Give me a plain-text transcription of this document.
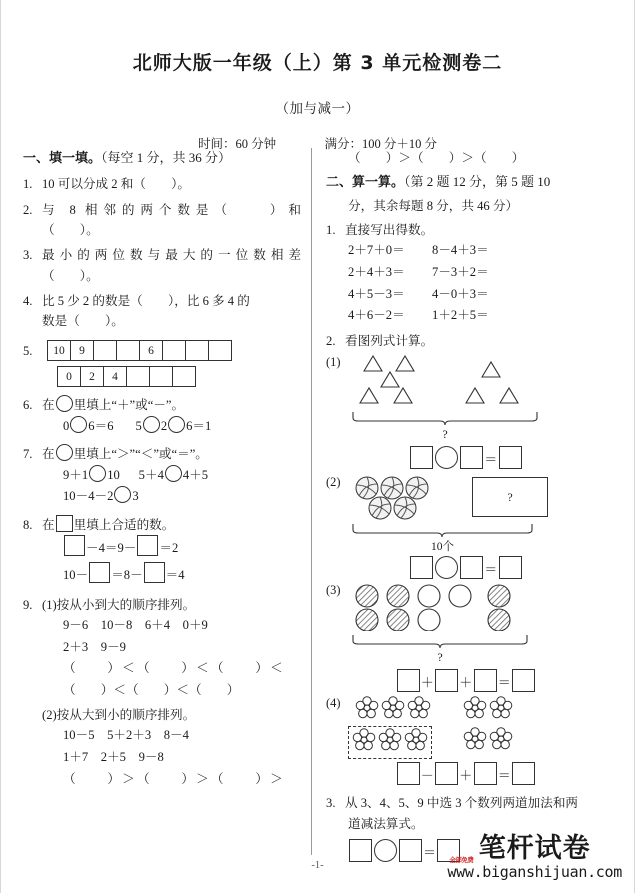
北师大版一年级（上）第 3 单元检测卷二
（加与减一）
时间：60 分钟	满分：100 分＋10 分
一、填一填。（每空 1 分，共 36 分）
1. 10 可以分成 2 和（　　）。
2. 与 8 相邻的两个数是（　　）和
（　　）。
3. 最小的两位数与最大的一位数相差
（　　）。
4. 比 5 少 2 的数是（　　），比 6 多 4 的
数是（　　）。
5.	10	9			6			
0	2	4			
6. 在 里填上“＋”或“－”。
0 6＝6 5 2 6＝1
7. 在 里填上“＞”“＜”或“＝”。
9＋1 10 5＋4 4＋5
10－4－2 3
8. 在 里填上合适的数。
－4＝9－ ＝2
10－ ＝8－ ＝4
9. (1)按从小到大的顺序排列。
9－6　10－8　6＋4　0＋9
2＋3　9－9
（　　）＜（　　）＜（　　）＜
（　　）＜（　　）＜（　　）
(2)按从大到小的顺序排列。
10－5　5＋2＋3　8－4
1＋7　2＋5　9－8
（　　）＞（　　）＞（　　）＞
（　　）＞（　　）＞（　　）
二、算一算。（第 2 题 12 分，第 5 题 10
分，其余每题 8 分，共 46 分）
1. 直接写出得数。
2＋7＋0＝ 8－4＋3＝
2＋4＋3＝ 7－3＋2＝
4＋5－3＝ 4－0＋3＝
4＋6－2＝ 1＋2＋5＝
2. 看图列式计算。
(1)
?
＝
(2)  ?
10个
＝
(3)
?
＋ ＋ ＝
(4)

－ ＋ ＝
3. 从 3、4、5、9 中选 3 个数列两道加法和两
道减法算式。
＝
-1-
笔杆试卷
www.biganshijuan.com
全部免费
